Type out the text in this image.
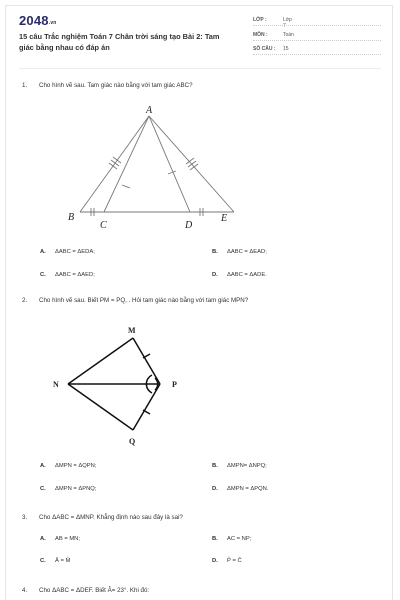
2048.vn
15 câu Trắc nghiệm Toán 7 Chân trời sáng tạo Bài 2: Tam giác bằng nhau có đáp án
LỚP :	Lớp 7
MÔN :	Toán
SỐ CÂU :	15
1. Cho hình vẽ sau. Tam giác nào bằng với tam giác ABC?
A
B
C	D
E
A. ΔABC = ΔEDA;	B. ΔABC = ΔEAD;
C. ΔABC = ΔAED;	D. ΔABC = ΔADE.
2. Cho hình vẽ sau. Biết PM = PQ, . Hỏi tam giác nào bằng với tam giác MPN?
M
N	P
Q
A. ΔMPN = ΔQPN;	B. ΔMPN= ΔNPQ;
C. ΔMPN = ΔPNQ;	D. ΔMPN = ΔPQN.
3. Cho ΔABC = ΔMNP. Khẳng định nào sau đây là sai?
A. AB = MN;	B. AC = NP;
C. Â = M̂	D. P̂ = Ĉ
4. Cho ΔABC = ΔDEF. Biết Â= 23°. Khi đó:
